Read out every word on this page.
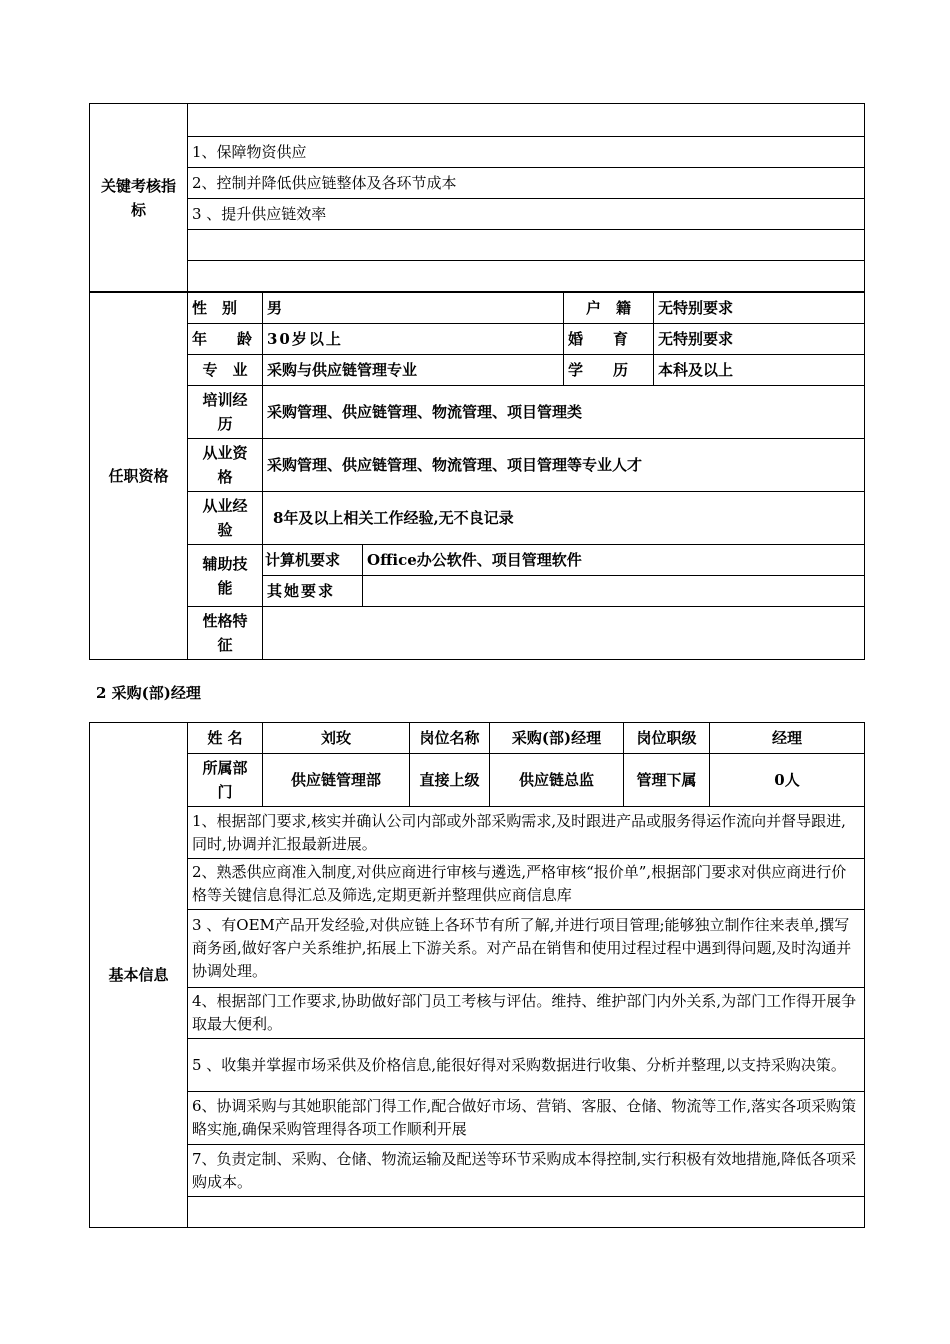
关键考核指标	
1、保障物资供应
2、控制并降低供应链整体及各环节成本
3 、提升供应链效率

任职资格	性　别	男		户　籍	无特别要求
	年　　龄	30岁以上		婚　　育	无特别要求
	专　业	采购与供应链管理专业		学　　历	本科及以上
	培训经历	采购管理、供应链管理、物流管理、项目管理类			
	从业资格	采购管理、供应链管理、物流管理、项目管理等专业人才			
	从业经验	8年及以上相关工作经验,无不良记录			
	辅助技能	计算机要求	Office办公软件、项目管理软件		
		其她要求			
	性格特征				
2 采购(部)经理
基本信息	姓 名	刘玫	岗位名称	采购(部)经理	岗位职级	经理
	所属部门	供应链管理部	直接上级	供应链总监	管理下属	0人
	1、根据部门要求,核实并确认公司内部或外部采购需求,及时跟进产品或服务得运作流向并督导跟进,同时,协调并汇报最新进展。					
	2、熟悉供应商准入制度,对供应商进行审核与遴选,严格审核“报价单”,根据部门要求对供应商进行价格等关键信息得汇总及筛选,定期更新并整理供应商信息库					
	3 、有OEM产品开发经验,对供应链上各环节有所了解,并进行项目管理;能够独立制作往来表单,撰写商务函,做好客户关系维护,拓展上下游关系。对产品在销售和使用过程过程中遇到得问题,及时沟通并协调处理。					
	4、根据部门工作要求,协助做好部门员工考核与评估。维持、维护部门内外关系,为部门工作得开展争取最大便利。					
	5 、收集并掌握市场采供及价格信息,能很好得对采购数据进行收集、分析并整理,以支持采购决策。					
	6、协调采购与其她职能部门得工作,配合做好市场、营销、客服、仓储、物流等工作,落实各项采购策略实施,确保采购管理得各项工作顺利开展					
	7、负责定制、采购、仓储、物流运输及配送等环节采购成本得控制,实行积极有效地措施,降低各项采购成本。					
